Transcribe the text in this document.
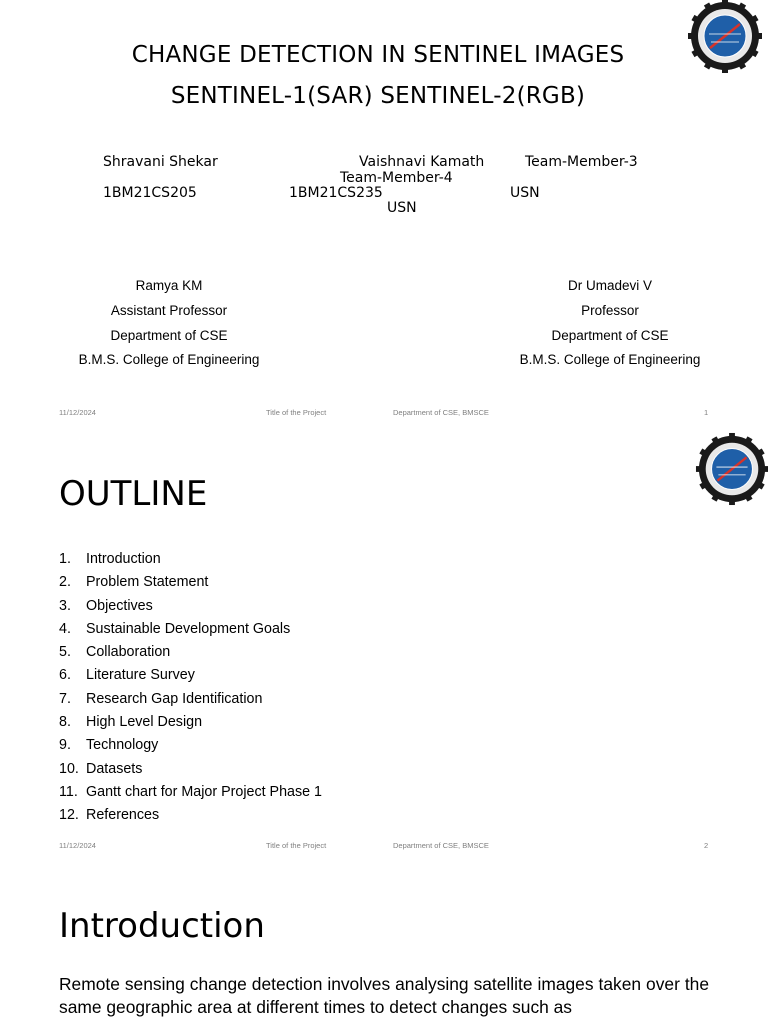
CHANGE DETECTION IN SENTINEL IMAGES
SENTINEL-1(SAR) SENTINEL-2(RGB)
Shravani Shekar	Vaishnavi Kamath	Team-Member-3
Team-Member-4
1BM21CS205	1BM21CS235	USN
USN
Ramya KM
Assistant Professor
Department of CSE
B.M.S. College of Engineering
Dr Umadevi V
Professor
Department of CSE
B.M.S. College of Engineering
11/12/2024	Title of the Project	Department of CSE, BMSCE	1
OUTLINE
1.	Introduction
2.	Problem Statement
3.	Objectives
4.	Sustainable Development Goals
5.	Collaboration
6.	Literature Survey
7.	Research Gap Identification
8.	High Level Design
9.	Technology
10. Datasets
11. Gantt chart for Major Project Phase 1
12. References
11/12/2024	Title of the Project	Department of CSE, BMSCE	2
Introduction
Remote sensing change detection involves analysing satellite images taken over the same geographic area at different times to detect changes such as
